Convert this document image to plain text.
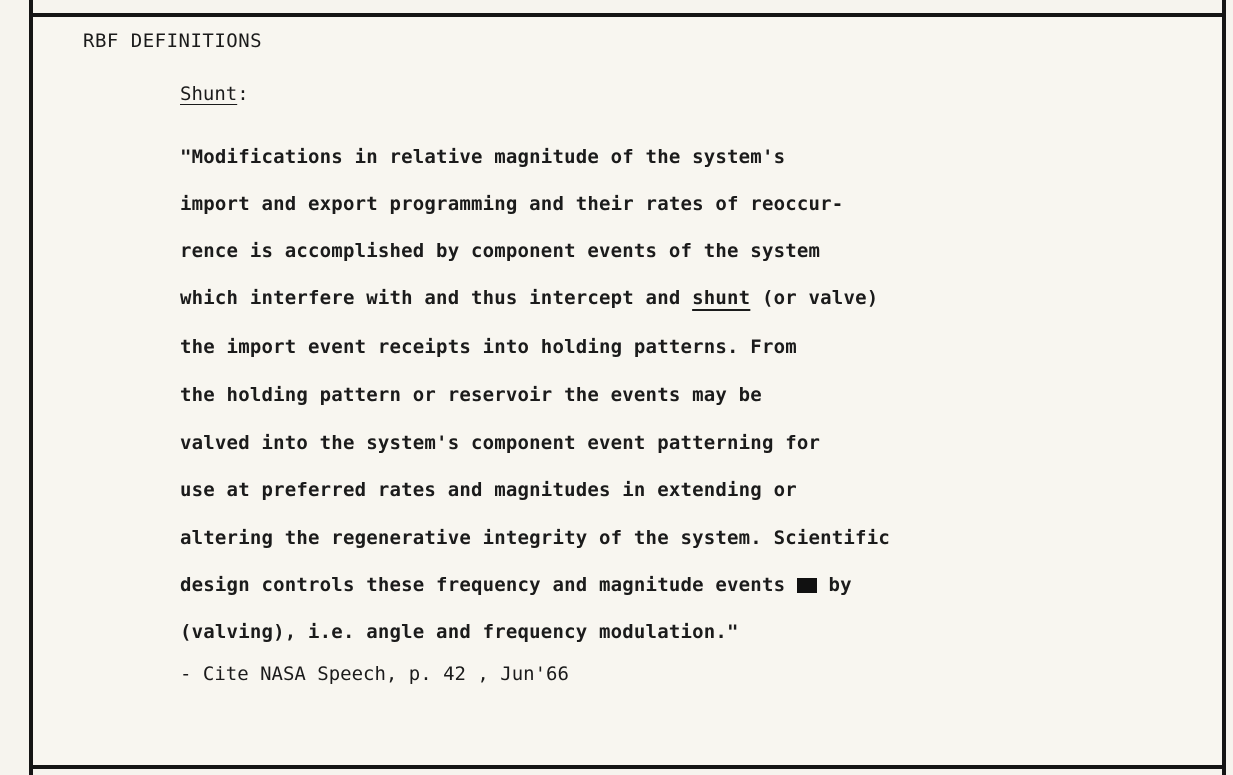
RBF DEFINITIONS
Shunt:
"Modifications in relative magnitude of the system's
import and export programming and their rates of reoccur-
rence is accomplished by component events of the system
which interfere with and thus intercept and shunt (or valve)
the import event receipts into holding patterns. From
the holding pattern or reservoir the events may be
valved into the system's component event patterning for
use at preferred rates and magnitudes in extending or
altering the regenerative integrity of the system. Scientific
design controls these frequency and magnitude events  by
(valving), i.e. angle and frequency modulation."
- Cite NASA Speech, p. 42 , Jun'66
